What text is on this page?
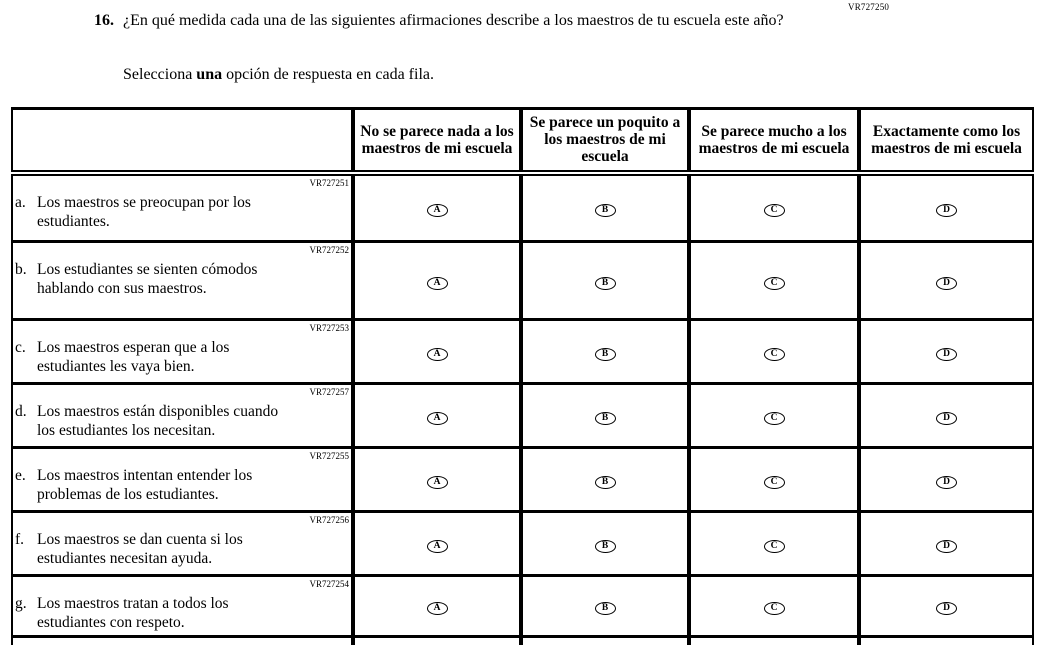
VR727250
16. ¿En qué medida cada una de las siguientes afirmaciones describe a los maestros de tu escuela este año?
Selecciona una opción de respuesta en cada fila.
	No se parece nada a los maestros de mi escuela	Se parece un poquito a los maestros de mi escuela	Se parece mucho a los maestros de mi escuela	Exactamente como los maestros de mi escuela

VR727251
a. Los maestros se preocupan por los estudiantes.	A	B	C	D

VR727252
b. Los estudiantes se sienten cómodos hablando con sus maestros.	A	B	C	D

VR727253
c. Los maestros esperan que a los estudiantes les vaya bien.	A	B	C	D

VR727257
d. Los maestros están disponibles cuando los estudiantes los necesitan.	A	B	C	D

VR727255
e. Los maestros intentan entender los problemas de los estudiantes.	A	B	C	D

VR727256
f. Los maestros se dan cuenta si los estudiantes necesitan ayuda.	A	B	C	D

VR727254
g. Los maestros tratan a todos los estudiantes con respeto.	A	B	C	D
